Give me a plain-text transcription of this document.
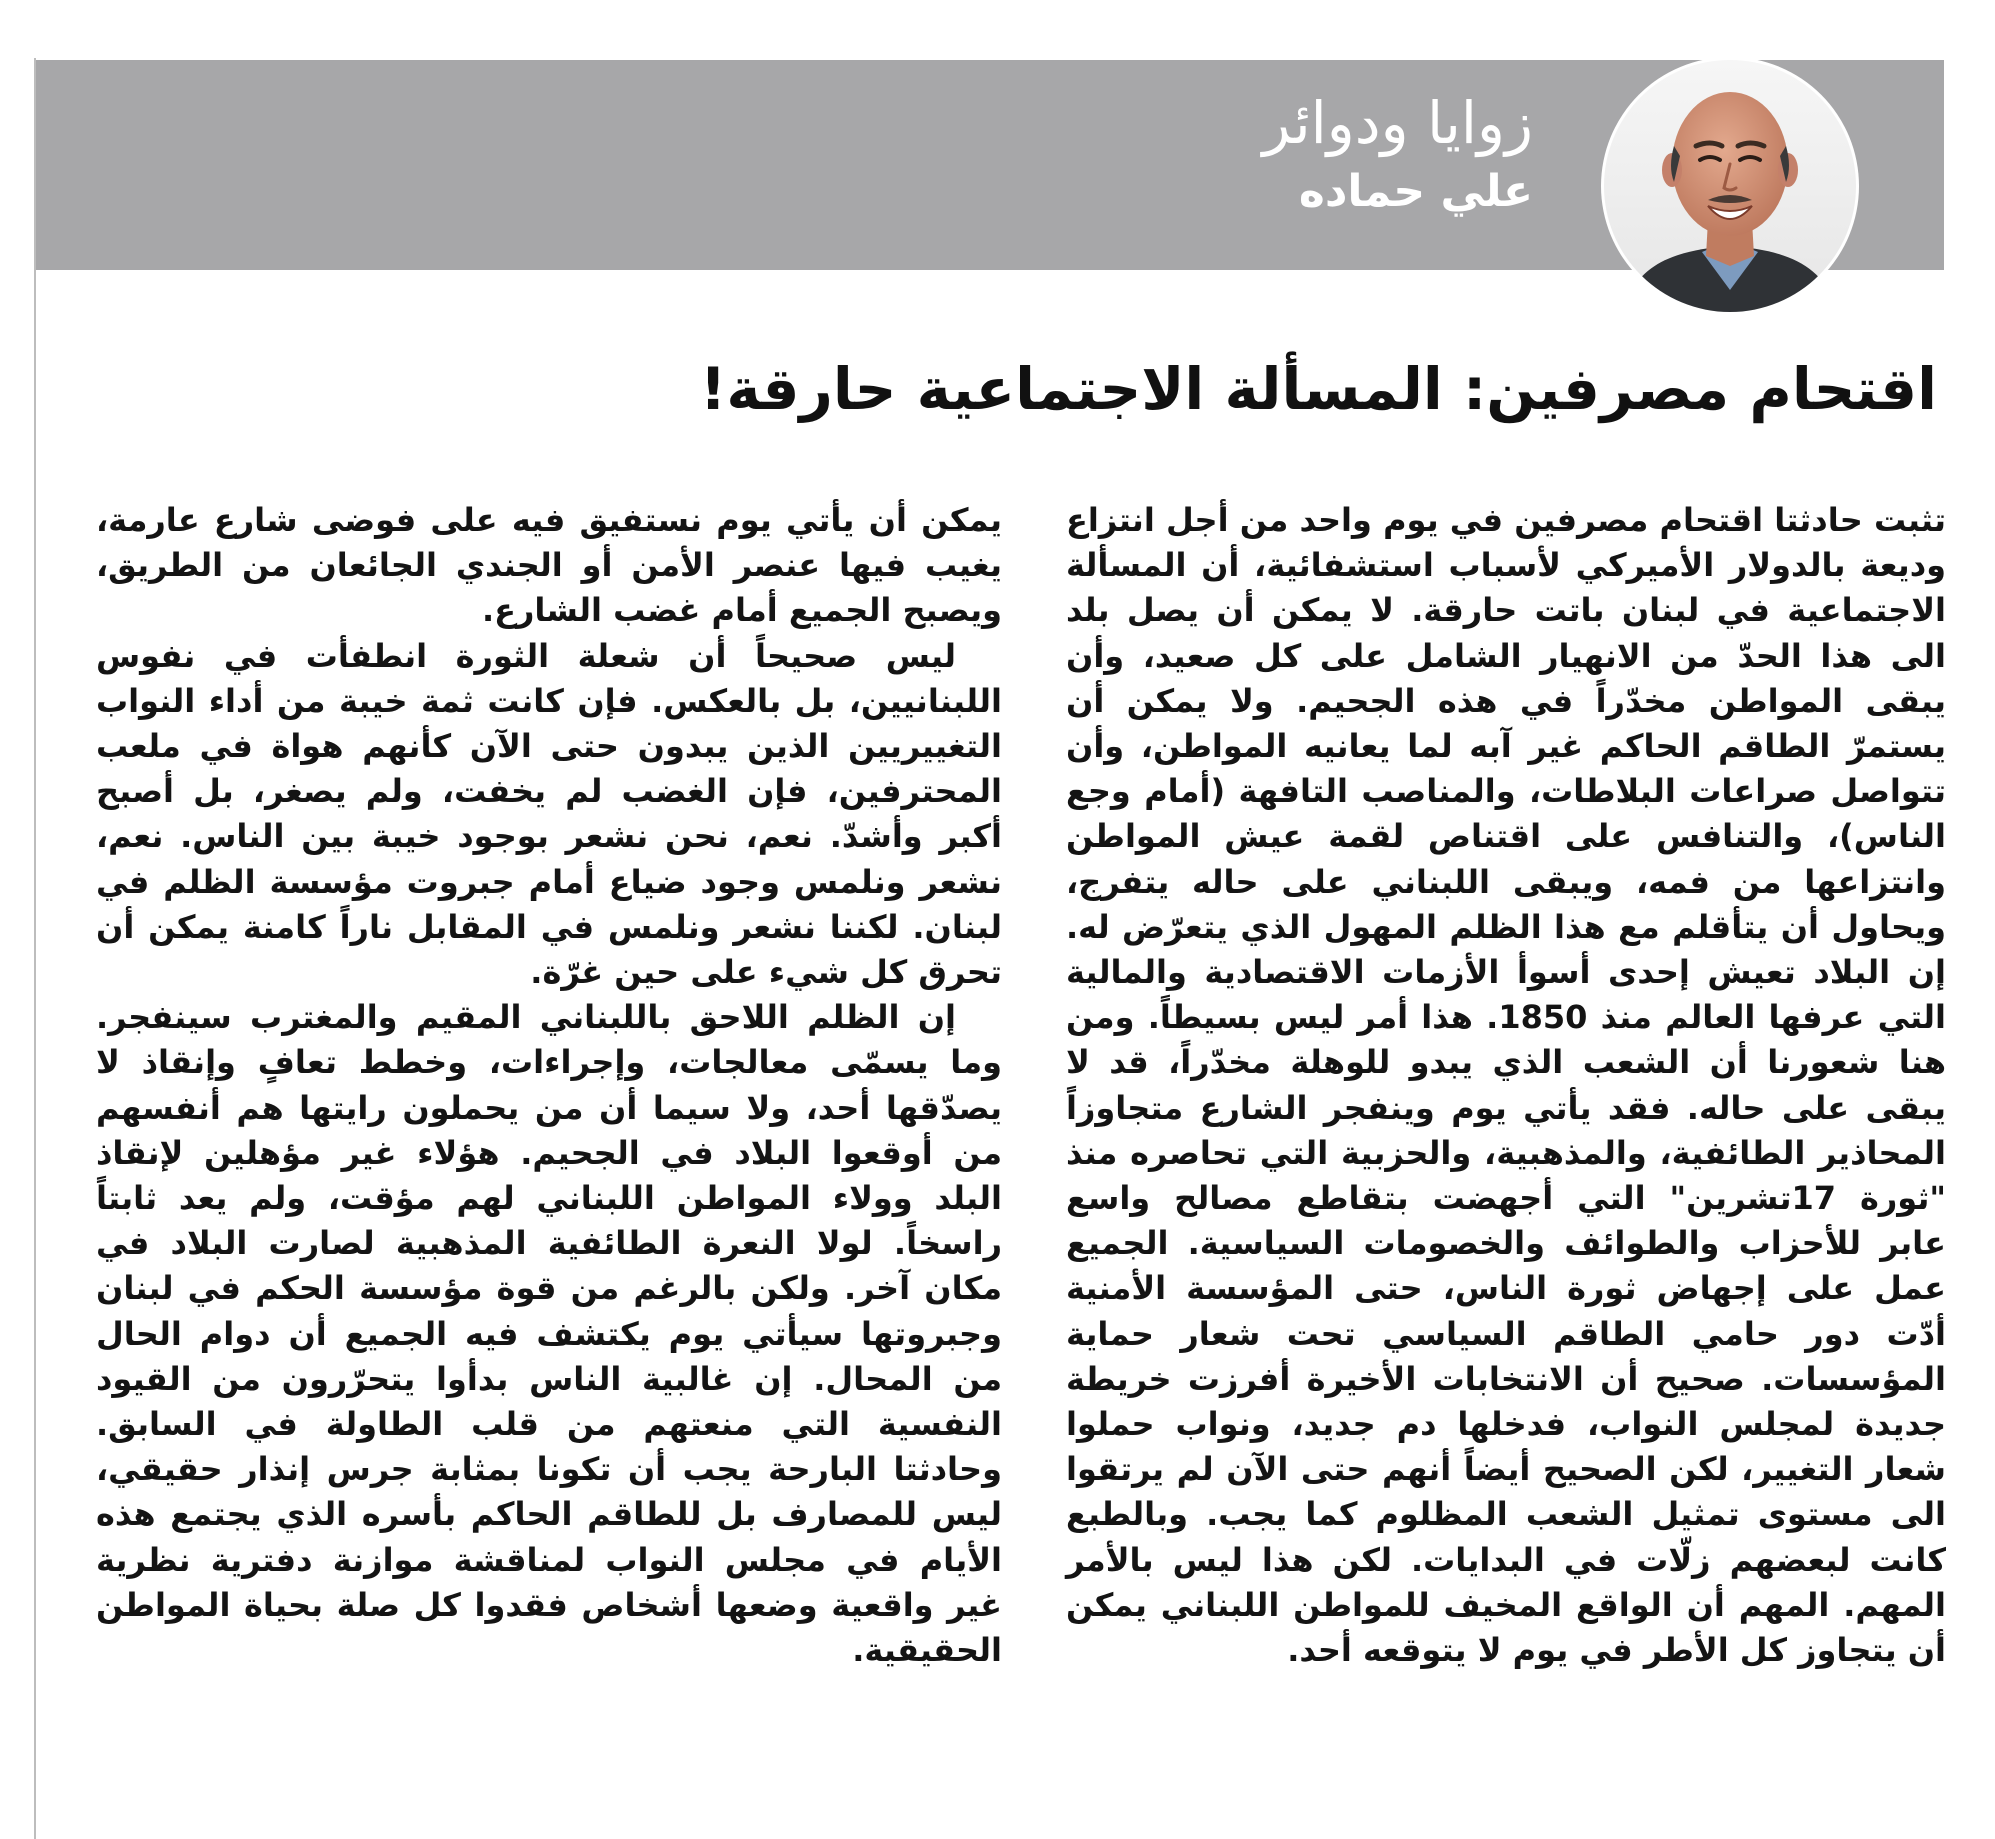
زوايا ودوائر
علي حماده
اقتحام مصرفين: المسألة الاجتماعية حارقة!

تثبت حادثتا اقتحام مصرفين في يوم واحد من أجل انتزاع وديعة بالدولار الأميركي لأسباب استشفائية، أن المسألة الاجتماعية في لبنان باتت حارقة. لا يمكن أن يصل بلد الى هذا الحدّ من الانهيار الشامل على كل صعيد، وأن يبقى المواطن مخدّراً في هذه الجحيم. ولا يمكن أن يستمرّ الطاقم الحاكم غير آبه لما يعانيه المواطن، وأن تتواصل صراعات البلاطات، والمناصب التافهة (أمام وجع الناس)، والتنافس على اقتناص لقمة عيش المواطن وانتزاعها من فمه، ويبقى اللبناني على حاله يتفرج، ويحاول أن يتأقلم مع هذا الظلم المهول الذي يتعرّض له. إن البلاد تعيش إحدى أسوأ الأزمات الاقتصادية والمالية التي عرفها العالم منذ 1850. هذا أمر ليس بسيطاً. ومن هنا شعورنا أن الشعب الذي يبدو للوهلة مخدّراً، قد لا يبقى على حاله. فقد يأتي يوم وينفجر الشارع متجاوزاً المحاذير الطائفية، والمذهبية، والحزبية التي تحاصره منذ "ثورة 17تشرين" التي أجهضت بتقاطع مصالح واسع عابر للأحزاب والطوائف والخصومات السياسية. الجميع عمل على إجهاض ثورة الناس، حتى المؤسسة الأمنية أدّت دور حامي الطاقم السياسي تحت شعار حماية المؤسسات. صحيح أن الانتخابات الأخيرة أفرزت خريطة جديدة لمجلس النواب، فدخلها دم جديد، ونواب حملوا شعار التغيير، لكن الصحيح أيضاً أنهم حتى الآن لم يرتقوا الى مستوى تمثيل الشعب المظلوم كما يجب. وبالطبع كانت لبعضهم زلّات في البدايات. لكن هذا ليس بالأمر المهم. المهم أن الواقع المخيف للمواطن اللبناني يمكن أن يتجاوز كل الأطر في يوم لا يتوقعه أحد.

يمكن أن يأتي يوم نستفيق فيه على فوضى شارع عارمة، يغيب فيها عنصر الأمن أو الجندي الجائعان من الطريق، ويصبح الجميع أمام غضب الشارع.

ليس صحيحاً أن شعلة الثورة انطفأت في نفوس اللبنانيين، بل بالعكس. فإن كانت ثمة خيبة من أداء النواب التغييريين الذين يبدون حتى الآن كأنهم هواة في ملعب المحترفين، فإن الغضب لم يخفت، ولم يصغر، بل أصبح أكبر وأشدّ. نعم، نحن نشعر بوجود خيبة بين الناس. نعم، نشعر ونلمس وجود ضياع أمام جبروت مؤسسة الظلم في لبنان. لكننا نشعر ونلمس في المقابل ناراً كامنة يمكن أن تحرق كل شيء على حين غرّة.

إن الظلم اللاحق باللبناني المقيم والمغترب سينفجر. وما يسمّى معالجات، وإجراءات، وخطط تعافٍ وإنقاذ لا يصدّقها أحد، ولا سيما أن من يحملون رايتها هم أنفسهم من أوقعوا البلاد في الجحيم. هؤلاء غير مؤهلين لإنقاذ البلد وولاء المواطن اللبناني لهم مؤقت، ولم يعد ثابتاً راسخاً. لولا النعرة الطائفية المذهبية لصارت البلاد في مكان آخر. ولكن بالرغم من قوة مؤسسة الحكم في لبنان وجبروتها سيأتي يوم يكتشف فيه الجميع أن دوام الحال من المحال. إن غالبية الناس بدأوا يتحرّرون من القيود النفسية التي منعتهم من قلب الطاولة في السابق. وحادثتا البارحة يجب أن تكونا بمثابة جرس إنذار حقيقي، ليس للمصارف بل للطاقم الحاكم بأسره الذي يجتمع هذه الأيام في مجلس النواب لمناقشة موازنة دفترية نظرية غير واقعية وضعها أشخاص فقدوا كل صلة بحياة المواطن الحقيقية.
